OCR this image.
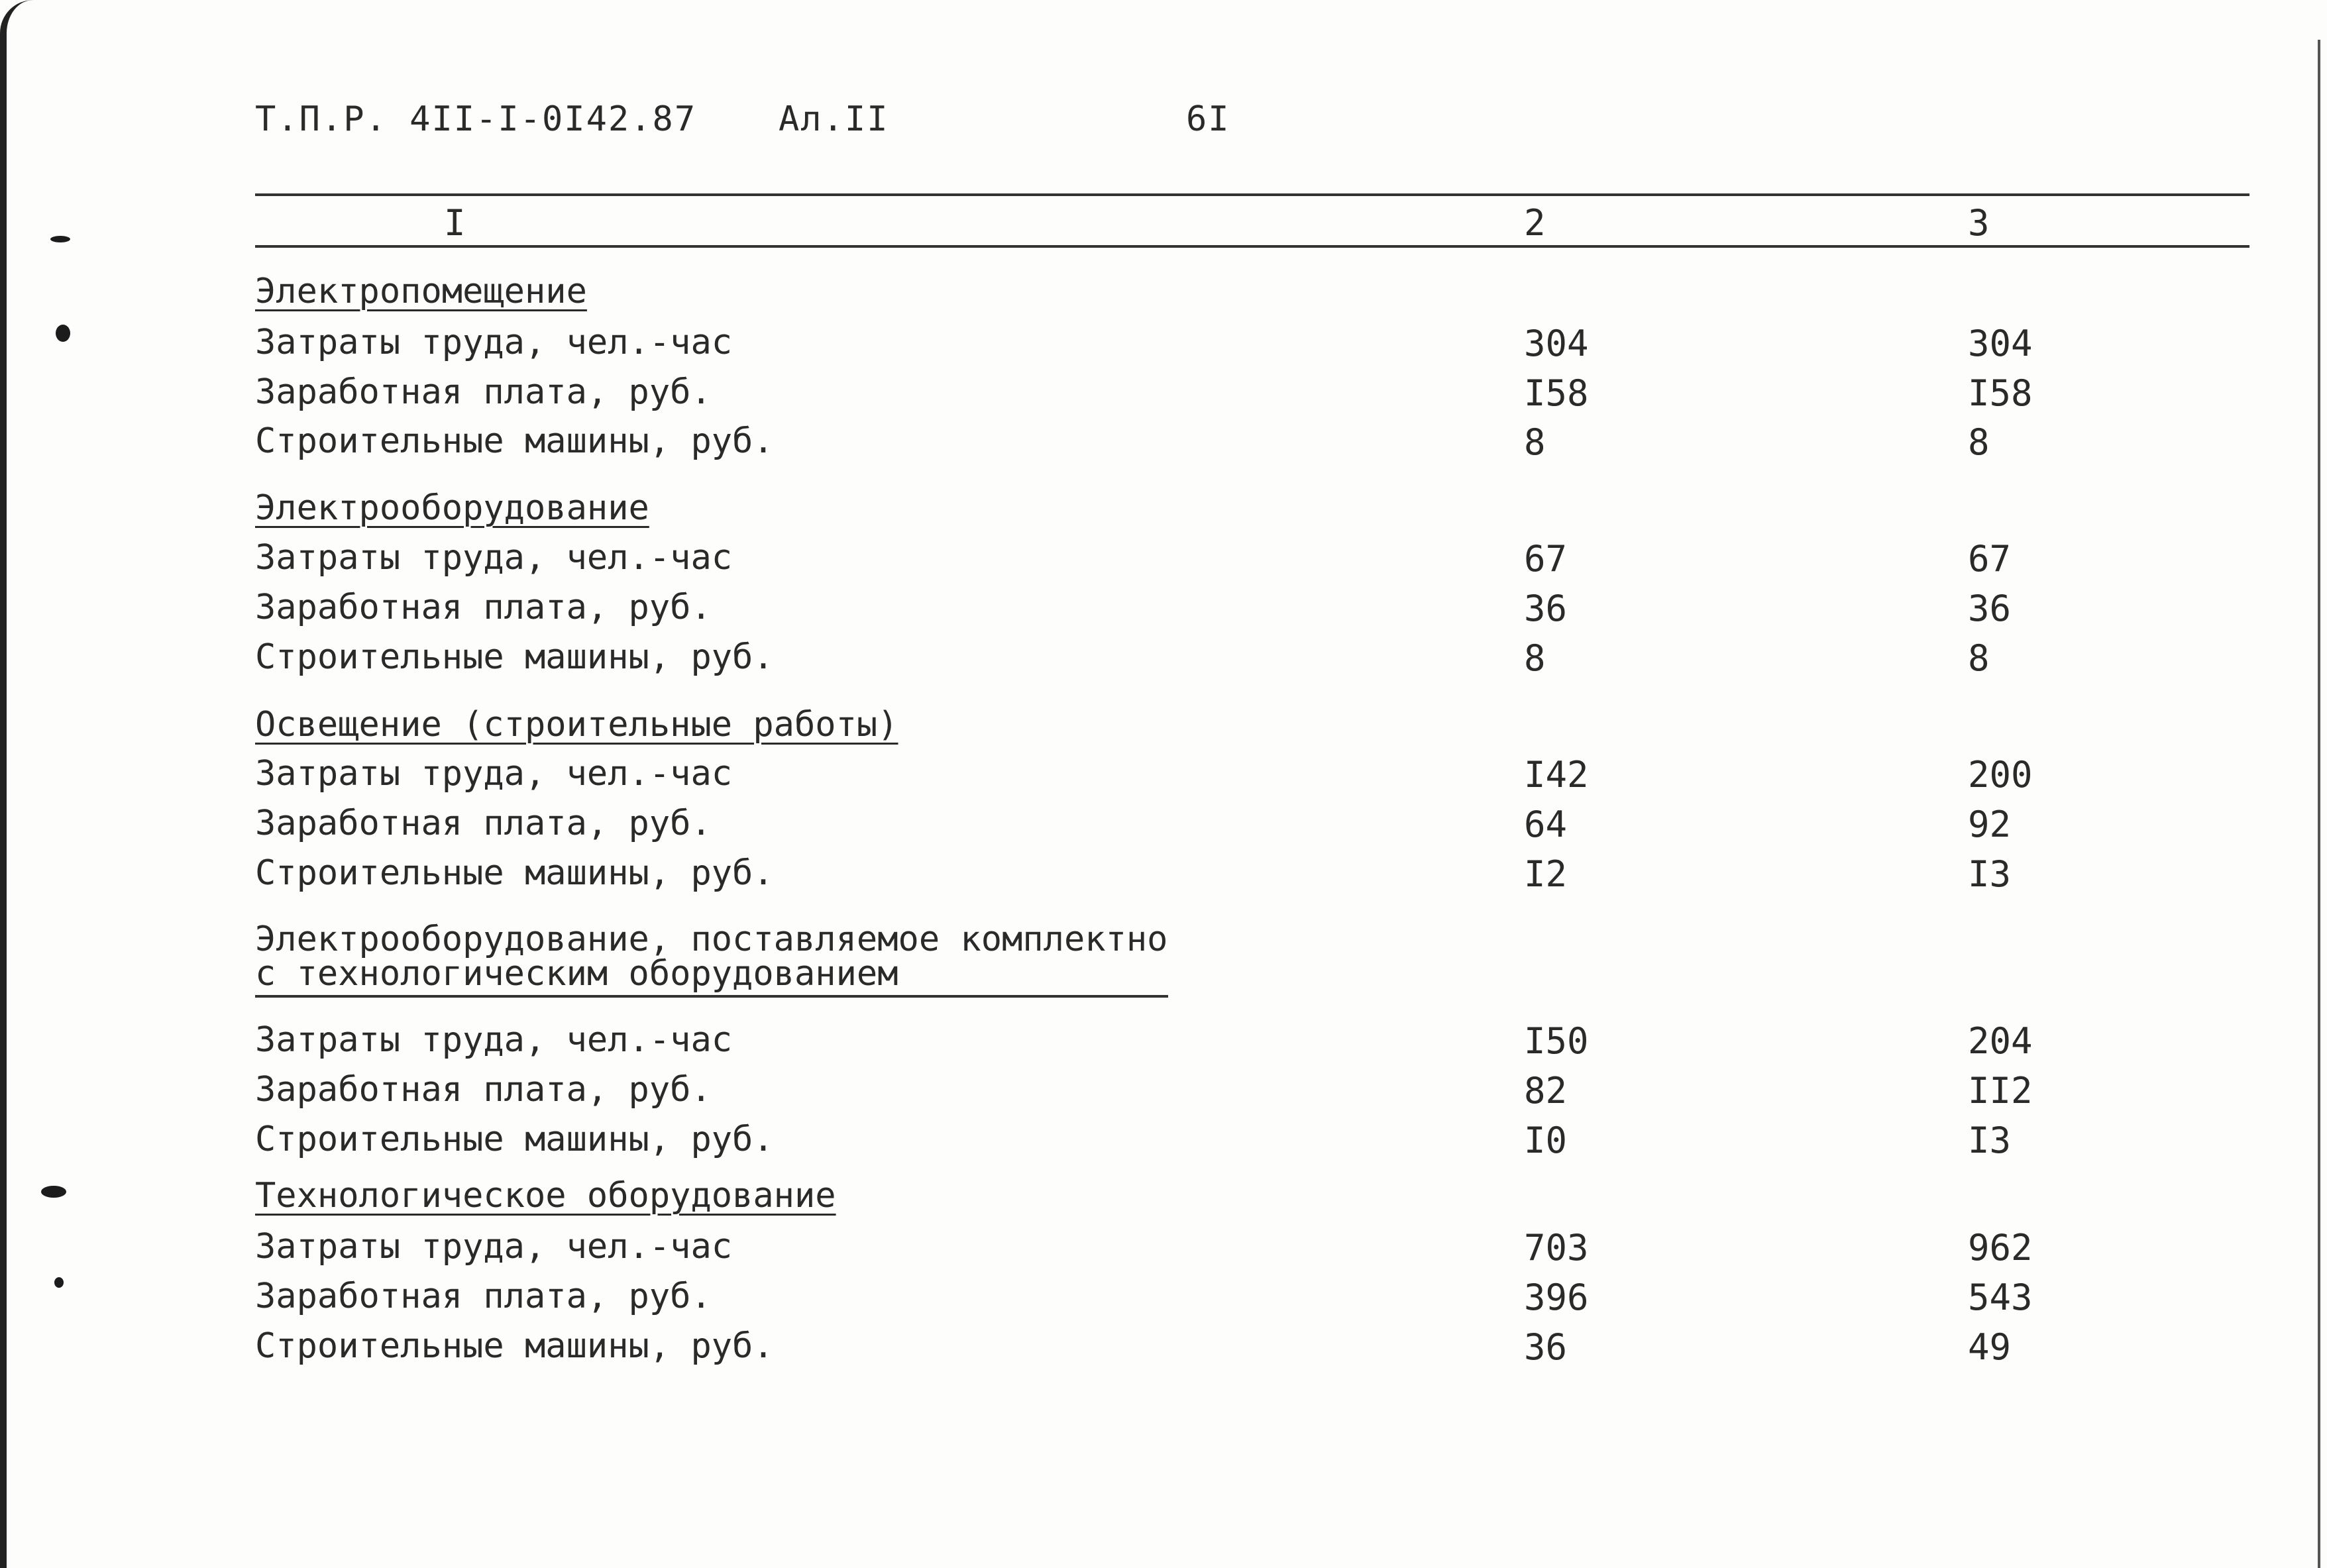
Т.П.Р. 4II-I-0I42.87 Ал.II	6I
I	2	3
Электропомещение
Затраты труда, чел.-час	304	304
Заработная плата, руб.	I58	I58
Строительные машины, руб.	8	8
Электрооборудование
Затраты труда, чел.-час	67	67
Заработная плата, руб.	36	36
Строительные машины, руб.	8	8
Освещение (строительные работы)
Затраты труда, чел.-час	I42	200
Заработная плата, руб.	64	92
Строительные машины, руб.	I2	I3
Электрооборудование, поставляемое комплектно
с технологическим оборудованием
Затраты труда, чел.-час	I50	204
Заработная плата, руб.	82	II2
Строительные машины, руб.	I0	I3
Технологическое оборудование
Затраты труда, чел.-час	703	962
Заработная плата, руб.	396	543
Строительные машины, руб.	36	49
